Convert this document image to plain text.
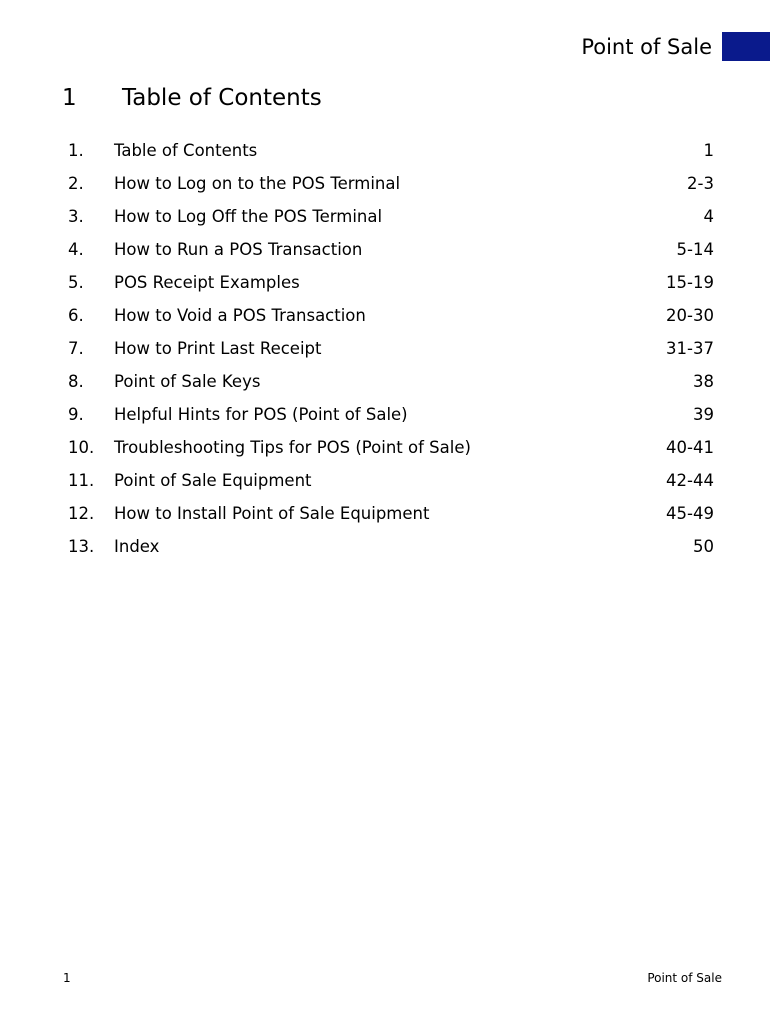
Point of Sale
1 Table of Contents
1. Table of Contents	1
2. How to Log on to the POS Terminal	2-3
3. How to Log Off the POS Terminal	4
4. How to Run a POS Transaction	5-14
5. POS Receipt Examples	15-19
6. How to Void a POS Transaction	20-30
7. How to Print Last Receipt	31-37
8. Point of Sale Keys	38
9. Helpful Hints for POS (Point of Sale)	39
10. Troubleshooting Tips for POS (Point of Sale)	40-41
11. Point of Sale Equipment	42-44
12. How to Install Point of Sale Equipment	45-49
13. Index	50
1	Point of Sale
